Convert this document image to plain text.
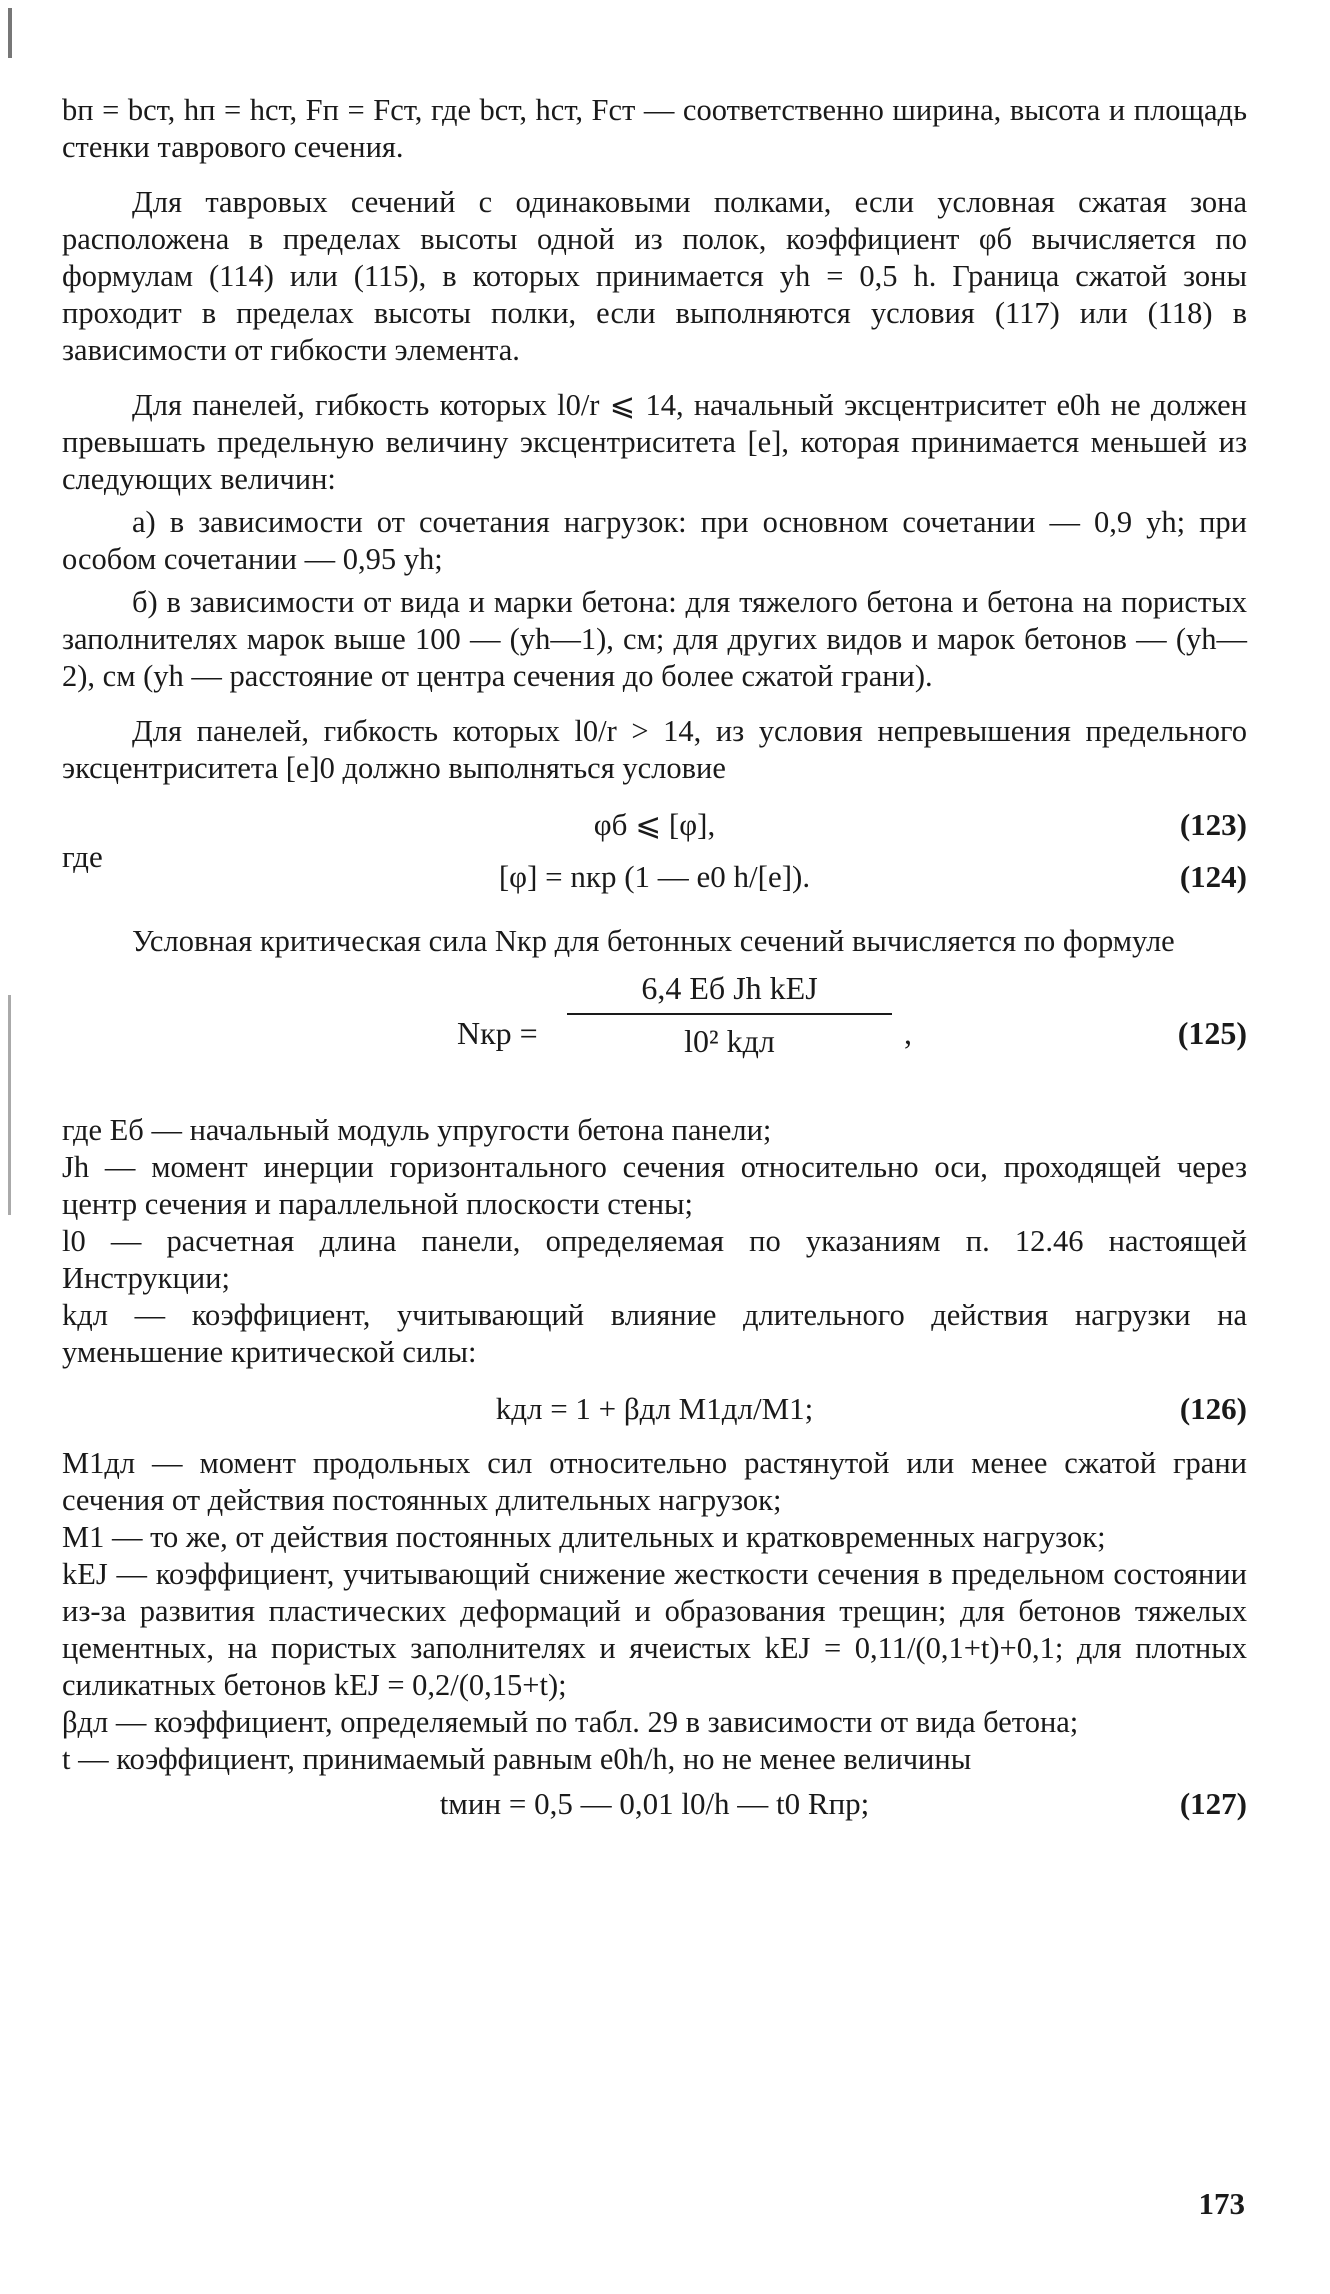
bп = bст, hп = hст, Fп = Fст, где bст, hст, Fст — соответственно ширина, высота и площадь стенки таврового сечения.

Для тавровых сечений с одинаковыми полками, если условная сжатая зона расположена в пределах высоты одной из полок, коэффициент φб вычисляется по формулам (114) или (115), в которых принимается yh = 0,5 h. Граница сжатой зоны проходит в пределах высоты полки, если выполняются условия (117) или (118) в зависимости от гибкости элемента.

Для панелей, гибкость которых l0/r ⩽ 14, начальный эксцентриситет e0h не должен превышать предельную величину эксцентриситета [e], которая принимается меньшей из следующих величин:

а) в зависимости от сочетания нагрузок: при основном сочетании — 0,9 yh; при особом сочетании — 0,95 yh;

б) в зависимости от вида и марки бетона: для тяжелого бетона и бетона на пористых заполнителях марок выше 100 — (yh—1), см; для других видов и марок бетонов — (yh—2), см (yh — расстояние от центра сечения до более сжатой грани).

Для панелей, гибкость которых l0/r > 14, из условия непревышения предельного эксцентриситета [e]0 должно выполняться условие

φб ⩽ [φ],	(123)
где
[φ] = nкр (1 — e0 h/[e]).	(124)

Условная критическая сила Nкр для бетонных сечений вычисляется по формуле

Nкр =
6,4 Eб Jh kEJ
l0² kдл	,	(125)

где Eб — начальный модуль упругости бетона панели;

Jh — момент инерции горизонтального сечения относительно оси, проходящей через центр сечения и параллельной плоскости стены;

l0 — расчетная длина панели, определяемая по указаниям п. 12.46 настоящей Инструкции;

kдл — коэффициент, учитывающий влияние длительного действия нагрузки на уменьшение критической силы:

kдл = 1 + βдл M1дл/M1;	(126)

M1дл — момент продольных сил относительно растянутой или менее сжатой грани сечения от действия постоянных длительных нагрузок;

M1 — то же, от действия постоянных длительных и кратковременных нагрузок;

kEJ — коэффициент, учитывающий снижение жесткости сечения в предельном состоянии из-за развития пластических деформаций и образования трещин; для бетонов тяжелых цементных, на пористых заполнителях и ячеистых kEJ = 0,11/(0,1+t)+0,1; для плотных силикатных бетонов kEJ = 0,2/(0,15+t);

βдл — коэффициент, определяемый по табл. 29 в зависимости от вида бетона;

t — коэффициент, принимаемый равным e0h/h, но не менее величины

tмин = 0,5 — 0,01 l0/h — t0 Rпр;	(127)
173
